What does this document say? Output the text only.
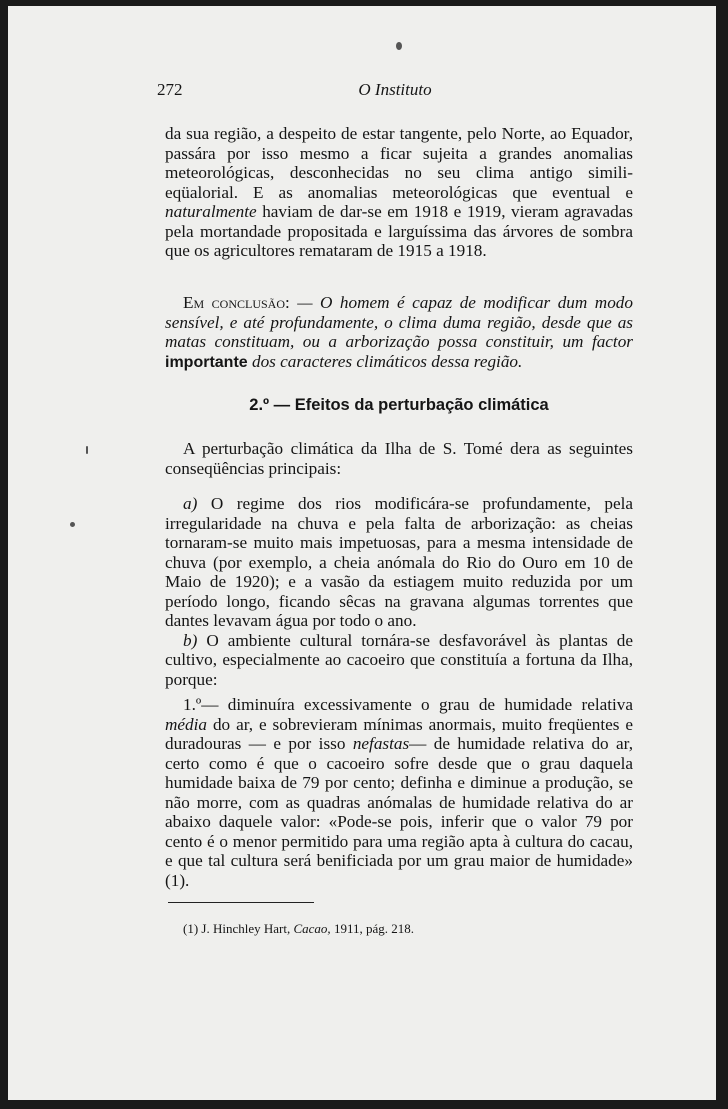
272	O Instituto
da sua região, a despeito de estar tangente, pelo Norte, ao Equador, passára por isso mesmo a ficar sujeita a grandes anomalias meteorológicas, desconhecidas no seu clima antigo simili-eqüalorial. E as anomalias meteorológicas que eventual e naturalmente haviam de dar-se em 1918 e 1919, vieram agravadas pela mortandade propositada e larguíssima das árvores de sombra que os agricultores remataram de 1915 a 1918.
Em conclusão: — O homem é capaz de modificar dum modo sensível, e até profundamente, o clima duma região, desde que as matas constituam, ou a arborização possa constituir, um factor importante dos caracteres climáticos dessa região.
2.º — Efeitos da perturbação climática

A perturbação climática da Ilha de S. Tomé dera as seguintes conseqüências principais:

a) O regime dos rios modificára-se profundamente, pela irregularidade na chuva e pela falta de arborização: as cheias tornaram-se muito mais impetuosas, para a mesma intensidade de chuva (por exemplo, a cheia anómala do Rio do Ouro em 10 de Maio de 1920); e a vasão da estiagem muito reduzida por um período longo, ficando sêcas na gravana algumas torrentes que dantes levavam água por todo o ano.

b) O ambiente cultural tornára-se desfavorável às plantas de cultivo, especialmente ao cacoeiro que constituía a fortuna da Ilha, porque:

1.º— diminuíra excessivamente o grau de humidade relativa média do ar, e sobrevieram mínimas anormais, muito freqüentes e duradouras — e por isso nefastas— de humidade relativa do ar, certo como é que o cacoeiro sofre desde que o grau daquela humidade baixa de 79 por cento; definha e diminue a produção, se não morre, com as quadras anómalas de humidade relativa do ar abaixo daquele valor: «Pode-se pois, inferir que o valor 79 por cento é o menor permitido para uma região apta à cultura do cacau, e que tal cultura será benificiada por um grau maior de humidade» (1).

(1) J. Hinchley Hart, Cacao, 1911, pág. 218.
